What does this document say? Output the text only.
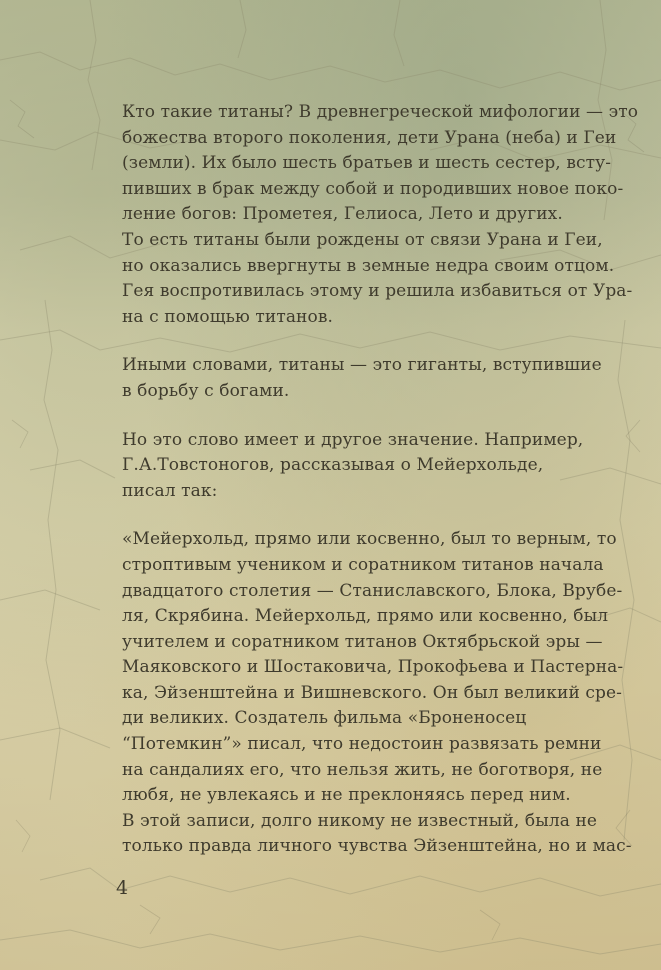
Кто такие титаны? В древнегреческой мифологии — это

божества второго поколения, дети Урана (неба) и Геи

(земли). Их было шесть братьев и шесть сестер, всту-

пивших в брак между собой и породивших новое поко-

ление богов: Прометея, Гелиоса, Лето и других.

То есть титаны были рождены от связи Урана и Геи,

но оказались ввергнуты в земные недра своим отцом.

Гея воспротивилась этому и решила избавиться от Ура-

на с помощью титанов.

Иными словами, титаны — это гиганты, вступившие

в борьбу с богами.

Но это слово имеет и другое значение. Например,

Г.А.Товстоногов, рассказывая о Мейерхольде,

писал так:

«Мейерхольд, прямо или косвенно, был то верным, то

строптивым учеником и соратником титанов начала

двадцатого столетия — Станиславского, Блока, Врубе-

ля, Скрябина. Мейерхольд, прямо или косвенно, был

учителем и соратником титанов Октябрьской эры —

Маяковского и Шостаковича, Прокофьева и Пастерна-

ка, Эйзенштейна и Вишневского. Он был великий сре-

ди великих. Создатель фильма «Броненосец

“Потемкин”» писал, что недостоин развязать ремни

на сандалиях его, что нельзя жить, не боготворя, не

любя, не увлекаясь и не преклоняясь перед ним.

В этой записи, долго никому не известный, была не

только правда личного чувства Эйзенштейна, но и мас-

4
